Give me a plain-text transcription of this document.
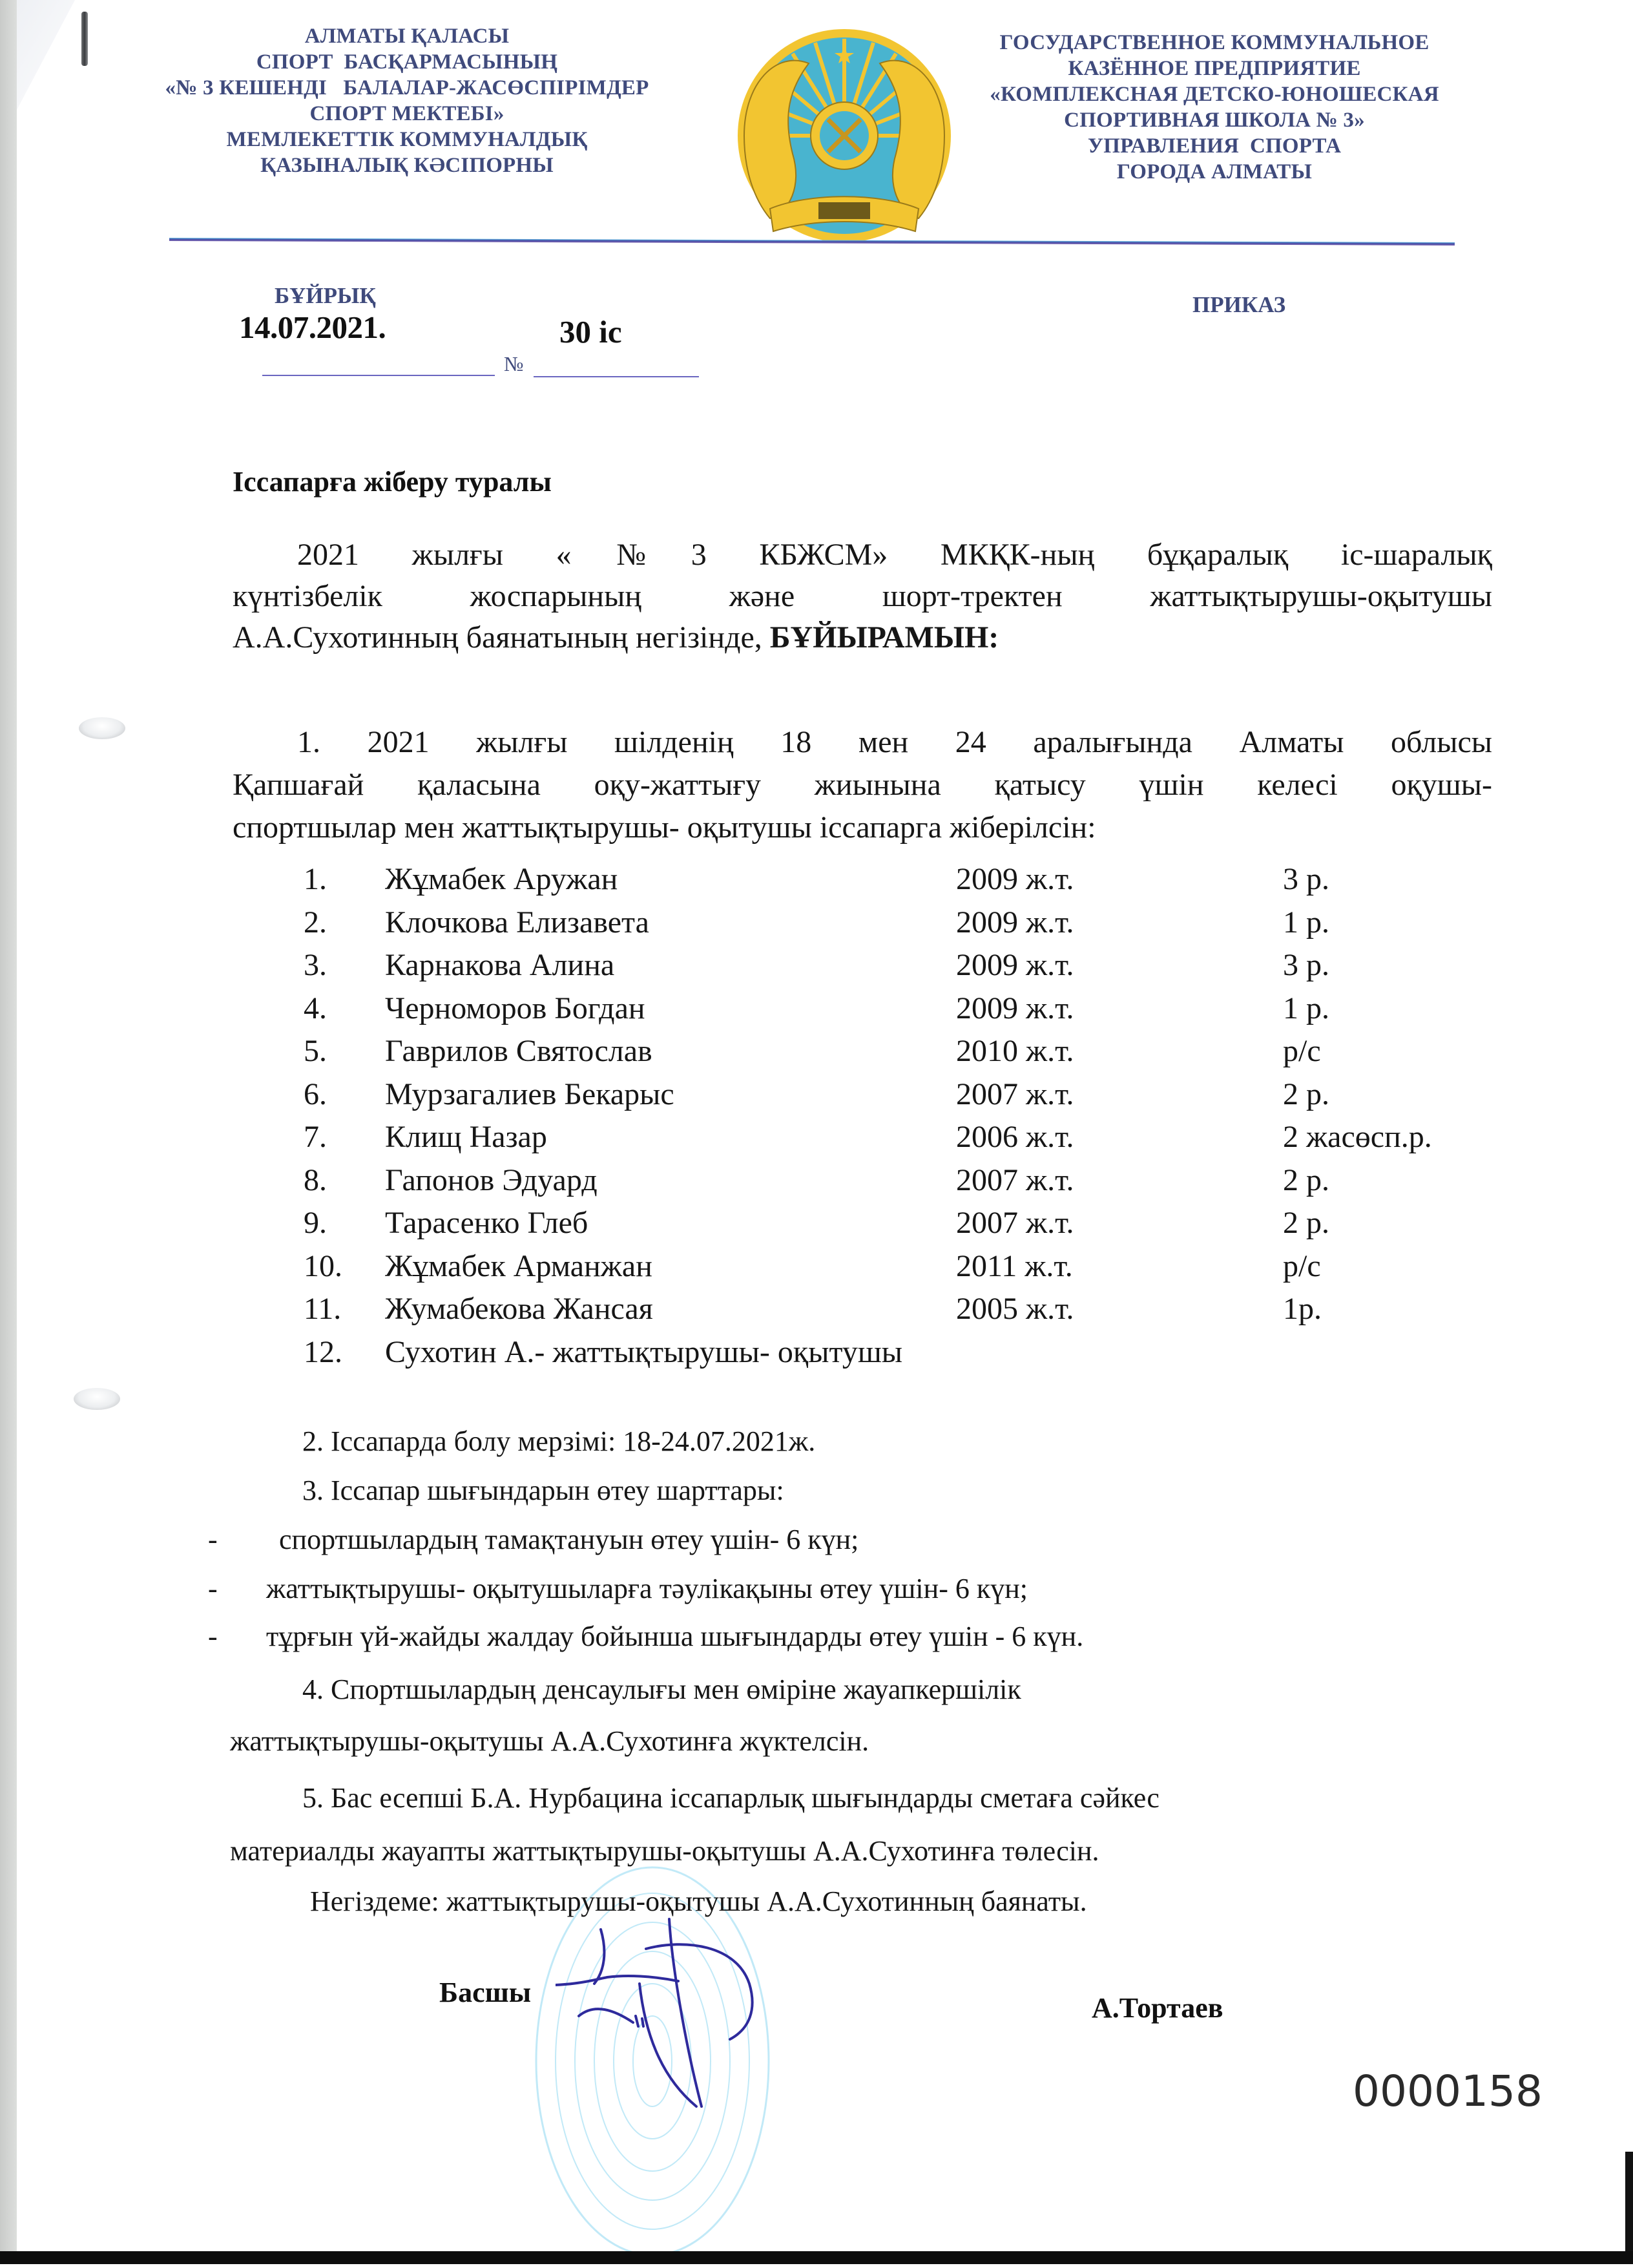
АЛМАТЫ ҚАЛАСЫ
СПОРТ  БАСҚАРМАСЫНЫҢ
«№ 3 КЕШЕНДІ   БАЛАЛАР-ЖАСӨСПІРІМДЕР
СПОРТ МЕКТЕБІ»
МЕМЛЕКЕТТІК КОММУНАЛДЫҚ
ҚАЗЫНАЛЫҚ КӘСІПОРНЫ
ГОСУДАРСТВЕННОЕ КОММУНАЛЬНОЕ
КАЗЁННОЕ ПРЕДПРИЯТИЕ
«КОМПЛЕКСНАЯ ДЕТСКО-ЮНОШЕСКАЯ
СПОРТИВНАЯ ШКОЛА № 3»
УПРАВЛЕНИЯ  СПОРТА
ГОРОДА АЛМАТЫ
БҰЙРЫҚ	ПРИКАЗ
14.07.2021.	30 іс
№
Іссапарға жіберу туралы
2021 жылғы «№3 КБЖСМ» МКҚК-ның бұқаралық іс-шаралық
күнтізбелік жоспарының және шорт-тректен жаттықтырушы-оқытушы
А.А.Сухотинның баянатының негізінде, БҰЙЫРАМЫН:
1. 2021 жылғы шілденің 18 мен 24 аралығында Алматы облысы
Қапшағай қаласына оқу-жаттығу жиынына қатысу үшін келесі оқушы-
спортшылар мен жаттықтырушы- оқытушы іссапарга жіберілсін:
1. Жұмабек Аружан	2009 ж.т.	3 р.
2. Клочкова Елизавета	2009 ж.т.	1 р.
3. Карнакова Алина	2009 ж.т.	3 р.
4. Черноморов Богдан	2009 ж.т.	1 р.
5. Гаврилов Святослав	2010 ж.т.	р/с
6. Мурзагалиев Бекарыс	2007 ж.т.	2 р.
7. Клищ Назар	2006 ж.т.	2 жасөсп.р.
8. Гапонов Эдуард	2007 ж.т.	2 р.
9. Тарасенко Глеб	2007 ж.т.	2 р.
10. Жұмабек Арманжан	2011 ж.т.	р/с
11. Жумабекова Жансая	2005 ж.т.	1р.
12. Сухотин А.- жаттықтырушы- оқытушы
2. Іссапарда болу мерзімі: 18-24.07.2021ж.
3. Іссапар шығындарын өтеу шарттары:
- спортшылардың тамақтануын өтеу үшін- 6 күн;
- жаттықтырушы- оқытушыларға тәулікақыны өтеу үшін- 6 күн;
- тұрғын үй-жайды жалдау бойынша шығындарды өтеу үшін - 6 күн.
4. Спортшылардың денсаулығы мен өміріне жауапкершілік
жаттықтырушы-оқытушы А.А.Сухотинға жүктелсін.
5. Бас есепші Б.А. Нурбацина іссапарлық шығындарды сметаға сәйкес
материалды жауапты жаттықтырушы-оқытушы А.А.Сухотинға төлесін.
Негіздеме: жаттықтырушы-оқытушы А.А.Сухотинның баянаты.
Басшы	А.Тортаев
0000158
